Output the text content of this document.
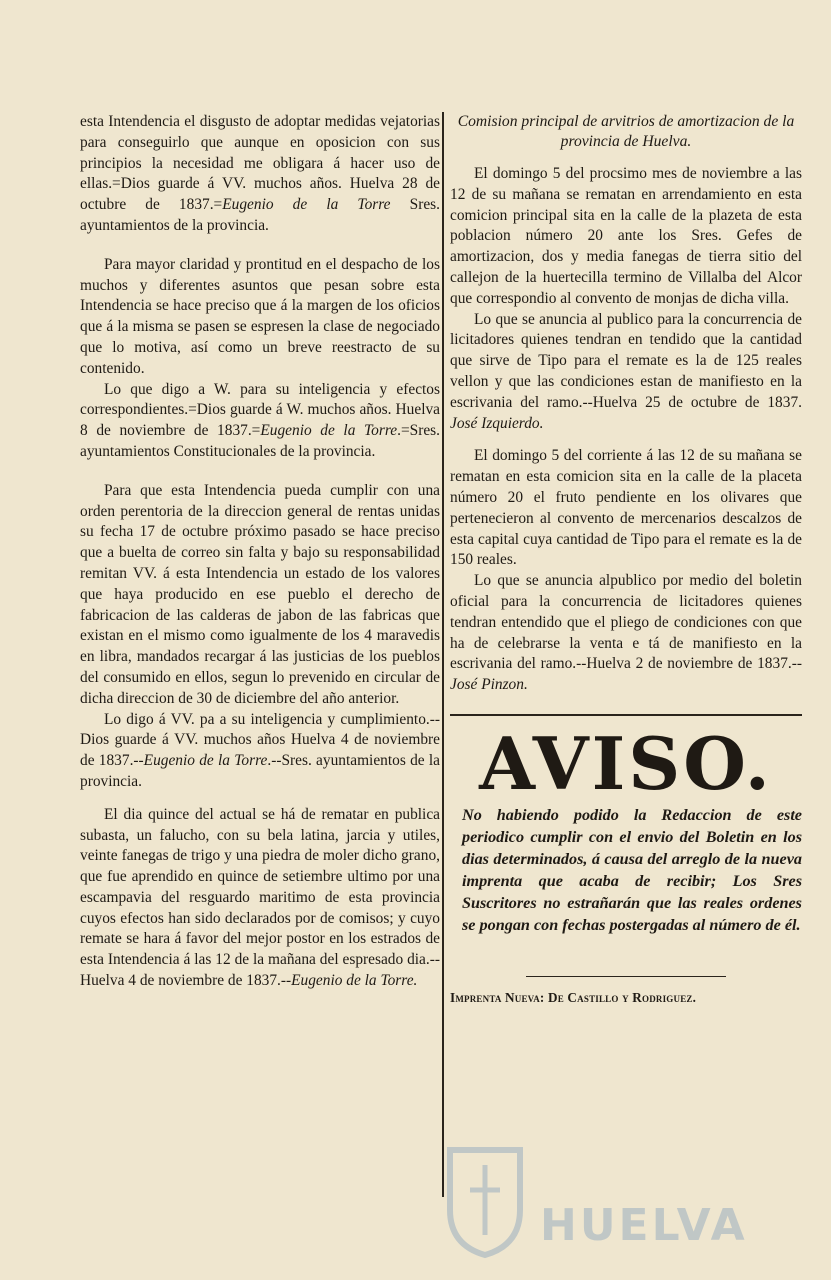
esta Intendencia el disgusto de adoptar medidas vejatorias para conseguirlo que aunque en oposicion con sus principios la necesidad me obligara á hacer uso de ellas.=Dios guarde á VV. muchos años. Huelva 28 de octubre de 1837.=Eugenio de la Torre Sres. ayuntamientos de la provincia.

Para mayor claridad y prontitud en el despacho de los muchos y diferentes asuntos que pesan sobre esta Intendencia se hace preciso que á la margen de los oficios que á la misma se pasen se espresen la clase de negociado que lo motiva, así como un breve reestracto de su contenido.

Lo que digo a W. para su inteligencia y efectos correspondientes.=Dios guarde á W. muchos años. Huelva 8 de noviembre de 1837.=Eugenio de la Torre.=Sres. ayuntamientos Constitucionales de la provincia.

Para que esta Intendencia pueda cumplir con una orden perentoria de la direccion general de rentas unidas su fecha 17 de octubre próximo pasado se hace preciso que a buelta de correo sin falta y bajo su responsabilidad remitan VV. á esta Intendencia un estado de los valores que haya producido en ese pueblo el derecho de fabricacion de las calderas de jabon de las fabricas que existan en el mismo como igualmente de los 4 maravedis en libra, mandados recargar á las justicias de los pueblos del consumido en ellos, segun lo prevenido en circular de dicha direccion de 30 de diciembre del año anterior.

Lo digo á VV. pa a su inteligencia y cumplimiento.--Dios guarde á VV. muchos años Huelva 4 de noviembre de 1837.--Eugenio de la Torre.--Sres. ayuntamientos de la provincia.

El dia quince del actual se há de rematar en publica subasta, un falucho, con su bela latina, jarcia y utiles, veinte fanegas de trigo y una piedra de moler dicho grano, que fue aprendido en quince de setiembre ultimo por una escampavia del resguardo maritimo de esta provincia cuyos efectos han sido declarados por de comisos; y cuyo remate se hara á favor del mejor postor en los estrados de esta Intendencia á las 12 de la mañana del espresado dia.--Huelva 4 de noviembre de 1837.--Eugenio de la Torre.

Comision principal de arvitrios de amortizacion de la provincia de Huelva.

El domingo 5 del procsimo mes de noviembre a las 12 de su mañana se rematan en arrendamiento en esta comicion principal sita en la calle de la plazeta de esta poblacion número 20 ante los Sres. Gefes de amortizacion, dos y media fanegas de tierra sitio del callejon de la huertecilla termino de Villalba del Alcor que correspondio al convento de monjas de dicha villa.

Lo que se anuncia al publico para la concurrencia de licitadores quienes tendran en tendido que la cantidad que sirve de Tipo para el remate es la de 125 reales vellon y que las condiciones estan de manifiesto en la escrivania del ramo.--Huelva 25 de octubre de 1837. José Izquierdo.

El domingo 5 del corriente á las 12 de su mañana se rematan en esta comicion sita en la calle de la placeta número 20 el fruto pendiente en los olivares que pertenecieron al convento de mercenarios descalzos de esta capital cuya cantidad de Tipo para el remate es la de 150 reales.

Lo que se anuncia alpublico por medio del boletin oficial para la concurrencia de licitadores quienes tendran entendido que el pliego de condiciones con que ha de celebrarse la venta e tá de manifiesto en la escrivania del ramo.--Huelva 2 de noviembre de 1837.--José Pinzon.

AVISO.

No habiendo podido la Redaccion de este periodico cumplir con el envio del Boletin en los dias determinados, á causa del arreglo de la nueva imprenta que acaba de recibir; Los Sres Suscritores no estrañarán que las reales ordenes se pongan con fechas postergadas al número de él.

Imprenta Nueva: De Castillo y Rodriguez.

HUELVA
